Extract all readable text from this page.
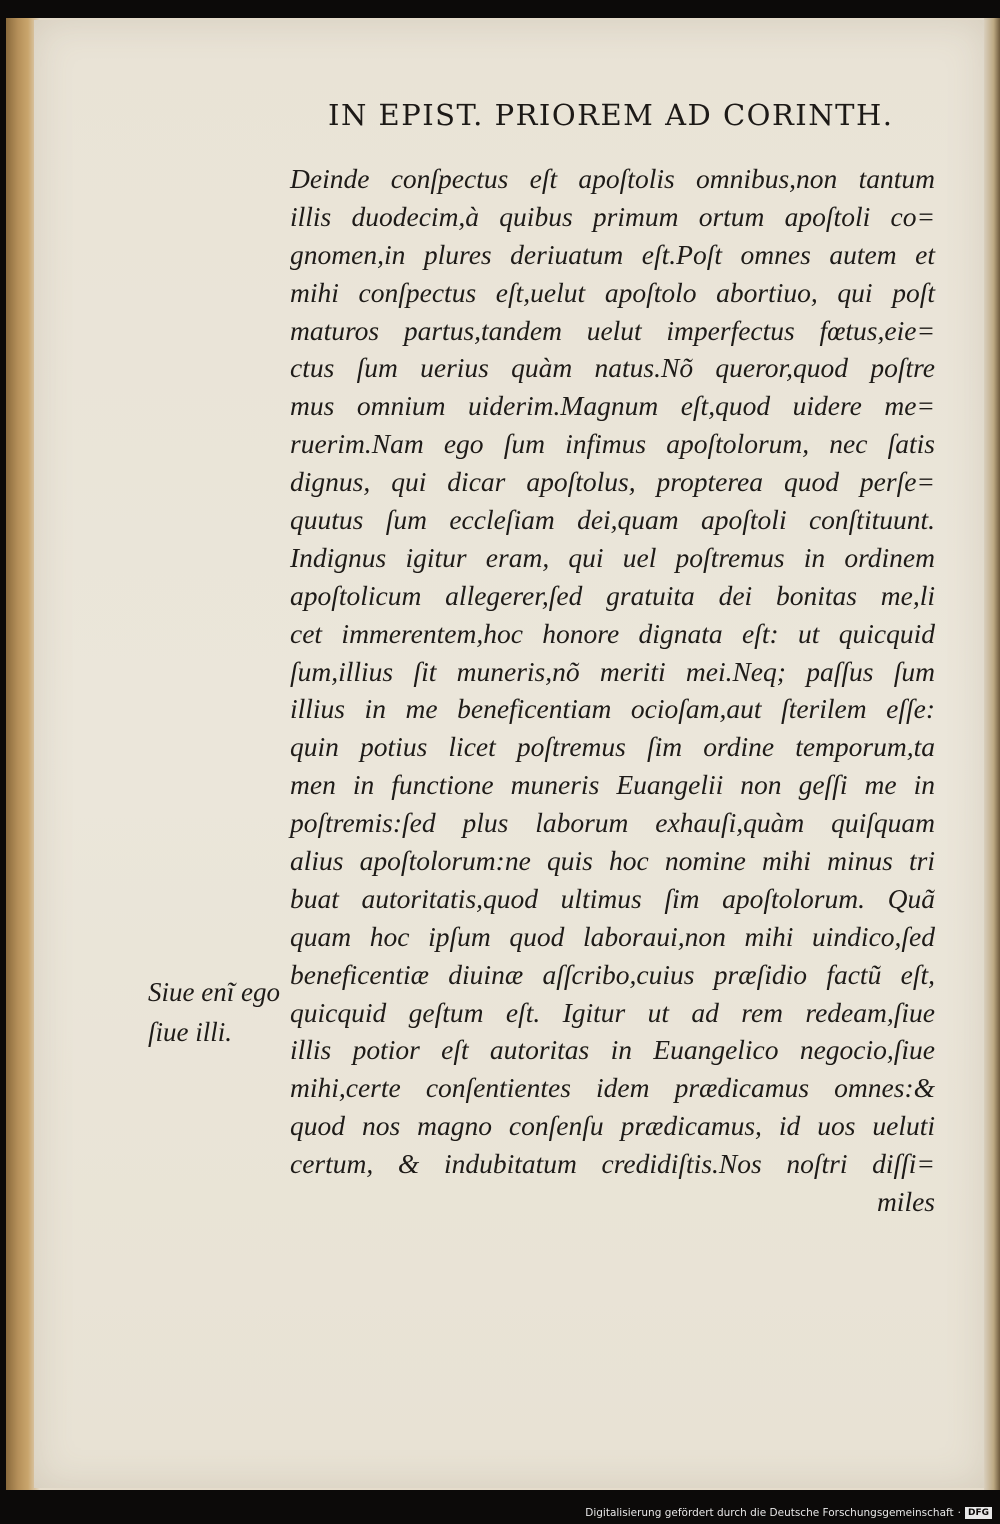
IN EPIST. PRIOREM AD CORINTH.
Deinde conſpectus eſt apoſtolis omnibus,non tantum
illis duodecim,à quibus primum ortum apoſtoli co=
gnomen,in plures deriuatum eſt.Poſt omnes autem et
mihi conſpectus eſt,uelut apoſtolo abortiuo, qui poſt
maturos partus,tandem uelut imperfectus fœtus,eie=
ctus ſum uerius quàm natus.Nõ queror,quod poſtre
mus omnium uiderim.Magnum eſt,quod uidere me=
ruerim.Nam ego ſum infimus apoſtolorum, nec ſatis
dignus, qui dicar apoſtolus, propterea quod perſe=
quutus ſum eccleſiam dei,quam apoſtoli conſtituunt.
Indignus igitur eram, qui uel poſtremus in ordinem
apoſtolicum allegerer,ſed gratuita dei bonitas me,li
cet immerentem,hoc honore dignata eſt: ut quicquid
ſum,illius ſit muneris,nõ meriti mei.Neq; paſſus ſum
illius in me beneficentiam ocioſam,aut ſterilem eſſe:
quin potius licet poſtremus ſim ordine temporum,ta
men in functione muneris Euangelii non geſſi me in
poſtremis:ſed plus laborum exhauſi,quàm quiſquam
alius apoſtolorum:ne quis hoc nomine mihi minus tri
buat autoritatis,quod ultimus ſim apoſtolorum. Quã
quam hoc ipſum quod laboraui,non mihi uindico,ſed
beneficentiæ diuinæ aſſcribo,cuius præſidio factũ eſt,
quicquid geſtum eſt. Igitur ut ad rem redeam,ſiue
illis potior eſt autoritas in Euangelico negocio,ſiue
mihi,certe conſentientes idem prædicamus omnes:&
quod nos magno conſenſu prædicamus, id uos ueluti
certum, & indubitatum credidiſtis.Nos noſtri diſſi=
miles
Siue enĩ ego
ſiue illi.
Digitalisierung gefördert durch die Deutsche Forschungsgemeinschaft · DFG
